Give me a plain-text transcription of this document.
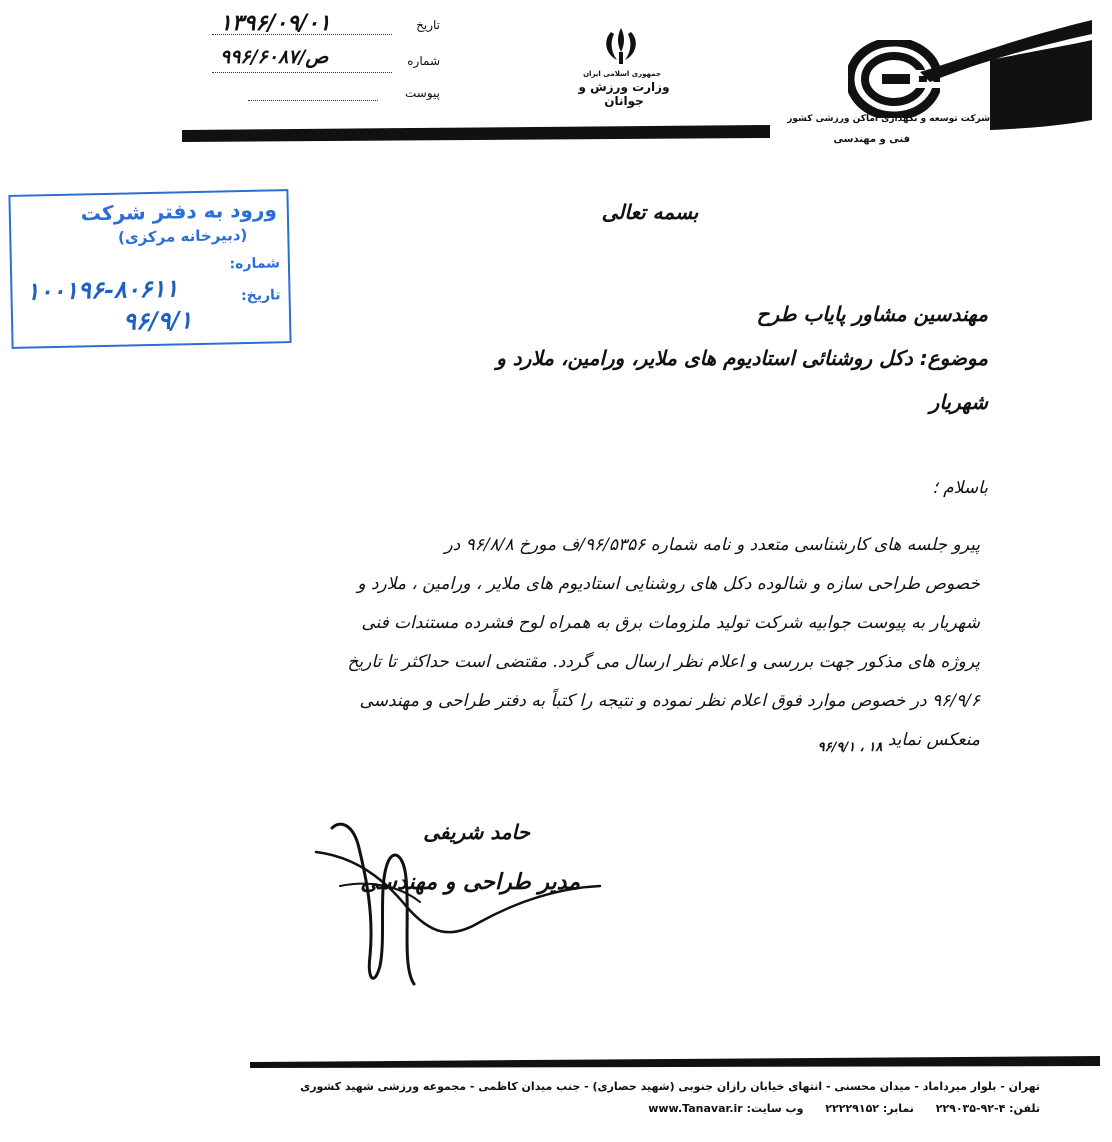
تاریخ
۱۳۹۶/۰۹/۰۱
شماره
ص/۹۹۶/۶۰۸۷
پیوست
جمهوری اسلامی ایران
وزارت ورزش و جوانان
شرکت توسعه و نگهداری اماکن ورزشی کشور
فنی و مهندسی
ورود به دفتر شرکت
(دبیرخانه مرکزی)
شماره:
۱۰۰۱۹۶-۸۰۶۱۱	تاریخ:
۹۶/۹/۱
بسمه تعالی
مهندسین مشاور پایاب طرح
موضوع: دکل روشنائی استادیوم های ملایر، ورامین، ملارد و
شهریار
باسلام ؛
پیرو جلسه های کارشناسی متعدد و نامه شماره ۹۶/۵۳۵۶/ف مورخ ۹۶/۸/۸ در
خصوص طراحی سازه و شالوده دکل های روشنایی استادیوم های ملایر ، ورامین ، ملارد و
شهریار به پیوست جوابیه شرکت تولید ملزومات برق به همراه لوح فشرده مستندات فنی
پروژه های مذکور جهت بررسی و اعلام نظر ارسال می گردد. مقتضی است حداکثر تا تاریخ
۹۶/۹/۶ در خصوص موارد فوق اعلام نظر نموده و نتیجه را کتباً به دفتر طراحی و مهندسی
منعکس نماید .
۹۶/۹/۱ ، ۱۸
حامد شریفی
مدیر طراحی و مهندسی
تهران - بلوار میرداماد - میدان محسنی - انتهای خیابان رازان جنوبی (شهید حصاری) - جنب میدان کاظمی - مجموعه ورزشی شهید کشوری
تلفن: ۴-۹۲-۲۲۹۰۳۵ نمابر: ۲۲۲۲۹۱۵۲ وب سایت: www.Tanavar.ir
